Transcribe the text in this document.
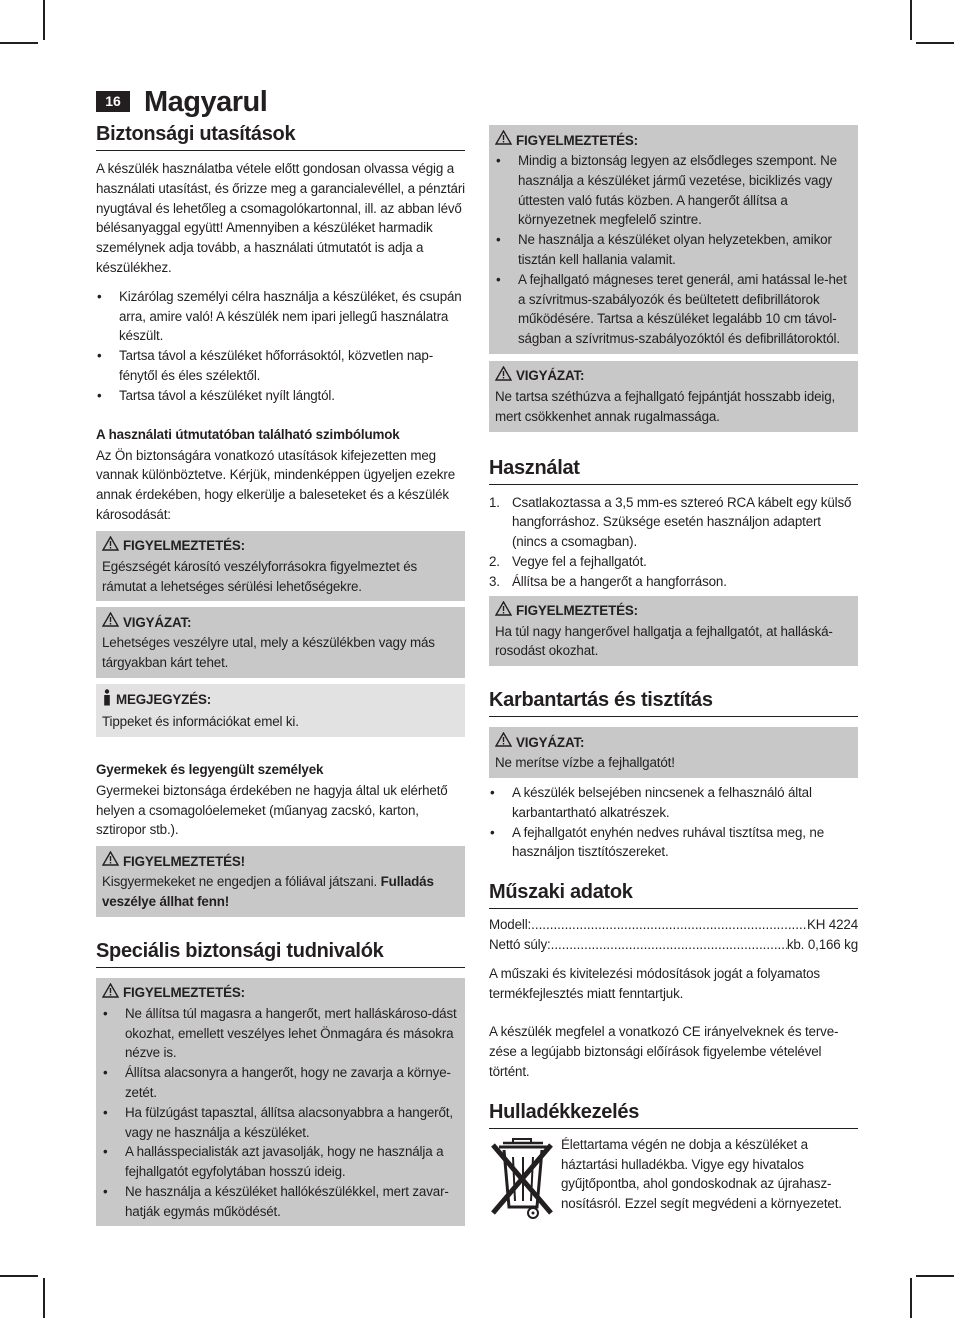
16 Magyarul
Biztonsági utasítások

A készülék használatba vétele előtt gondosan olvassa végig a használati utasítást, és őrizze meg a garancialevéllel, a pénztári nyugtával és lehetőleg a csomagolókartonnal, ill. az abban lévő bélésanyaggal együtt! Amennyiben a készüléket harmadik személynek adja tovább, a használati útmutatót is adja a készülékhez.

• Kizárólag személyi célra használja a készüléket, és csupán arra, amire való! A készülék nem ipari jellegű használatra készült.
• Tartsa távol a készüléket hőforrásoktól, közvetlen nap-fénytől és éles szélektől.
• Tartsa távol a készüléket nyílt lángtól.
A használati útmutatóban található szimbólumok

Az Ön biztonságára vonatkozó utasítások kifejezetten meg vannak különböztetve. Kérjük, mindenképpen ügyeljen ezekre annak érdekében, hogy elkerülje a baleseteket és a készülék károsodását:

FIGYELMEZTETÉS:

Egészségét károsító veszélyforrásokra figyelmeztet és rámutat a lehetséges sérülési lehetőségekre.

VIGYÁZAT:

Lehetséges veszélyre utal, mely a készülékben vagy más tárgyakban kárt tehet.

MEGJEGYZÉS:

Tippeket és információkat emel ki.

Gyermekek és legyengült személyek

Gyermekei biztonsága érdekében ne hagyja által uk elérhető helyen a csomagolóelemeket (műanyag zacskó, karton, sztiropor stb.).

FIGYELMEZTETÉS!

Kisgyermekeket ne engedjen a fóliával játszani. Fulladás veszélye állhat fenn!

Speciális biztonsági tudnivalók
FIGYELMEZTETÉS:
• Ne állítsa túl magasra a hangerőt, mert halláskároso-dást okozhat, emellett veszélyes lehet Önmagára és másokra nézve is.
• Állítsa alacsonyra a hangerőt, hogy ne zavarja a környe-zetét.
• Ha fülzúgást tapasztal, állítsa alacsonyabbra a hangerőt, vagy ne használja a készüléket.
• A hallásspecialisták azt javasolják, hogy ne használja a fejhallgatót egyfolytában hosszú ideig.
• Ne használja a készüléket hallókészülékkel, mert zavar-hatják egymás működését.
FIGYELMEZTETÉS:
• Mindig a biztonság legyen az elsődleges szempont. Ne használja a készüléket jármű vezetése, biciklizés vagy úttesten való futás közben. A hangerőt állítsa a környezetnek megfelelő szintre.
• Ne használja a készüléket olyan helyzetekben, amikor tisztán kell hallania valamit.
• A fejhallgató mágneses teret generál, ami hatással le-het a szívritmus-szabályozók és beültetett defibrillátorok működésére. Tartsa a készüléket legalább 10 cm távol-ságban a szívritmus-szabályozóktól és defibrillátoroktól.
VIGYÁZAT:

Ne tartsa széthúzva a fejhallgató fejpántját hosszabb ideig, mert csökkenhet annak rugalmassága.

Használat
1. Csatlakoztassa a 3,5 mm-es sztereó RCA kábelt egy külső hangforráshoz. Szüksége esetén használjon adaptert (nincs a csomagban).
2. Vegye fel a fejhallgatót.
3. Állítsa be a hangerőt a hangforráson.
FIGYELMEZTETÉS:

Ha túl nagy hangerővel hallgatja a fejhallgatót, at halláská-rosodást okozhat.

Karbantartás és tisztítás
VIGYÁZAT:

Ne merítse vízbe a fejhallgatót!

• A készülék belsejében nincsenek a felhasználó által karbantartható alkatrészek.
• A fejhallgatót enyhén nedves ruhával tisztítsa meg, ne használjon tisztítószereket.
Műszaki adatok
Modell: .....	KH 4224
Nettó súly: .....	kb. 0,166 kg

A műszaki és kivitelezési módosítások jogát a folyamatos termékfejlesztés miatt fenntartjuk.

A készülék megfelel a vonatkozó CE irányelveknek és terve-zése a legújabb biztonsági előírások figyelembe vételével történt.

Hulladékkezelés

Élettartama végén ne dobja a készüléket a háztartási hulladékba. Vigye egy hivatalos gyűjtőpontba, ahol gondoskodnak az újrahasz-nosításról. Ezzel segít megvédeni a környezetet.
